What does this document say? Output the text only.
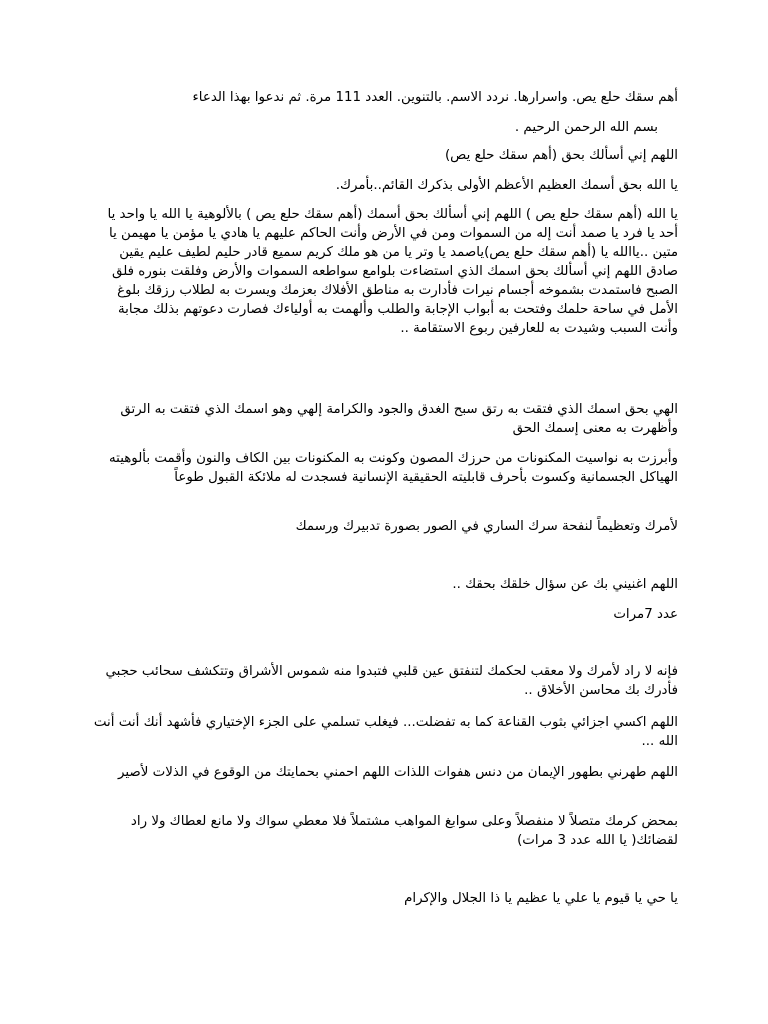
أهم سقك حلع يص. واسرارها. نردد الاسم. بالتنوين. العدد 111 مرة. ثم ندعوا بهذا الدعاء

بسم الله الرحمن الرحيم .

اللهم إني أسألك بحق (أهم سقك حلع يص)

يا الله بحق أسمك العظيم الأعظم الأولى بذكرك القائم..بأمرك.

يا الله (أهم سقك حلع يص ) اللهم إني أسألك بحق أسمك (أهم سقك حلع يص ) بالألوهية يا الله يا واحد يا أحد يا فرد يا صمد أنت إله من السموات ومن في الأرض وأنت الحاكم عليهم يا هادي يا مؤمن يا مهيمن يا متين ..ياالله يا (أهم سقك حلع يص)ياصمد يا وتر يا من هو ملك كريم سميع قادر حليم لطيف عليم يقين صادق اللهم إني أسألك بحق اسمك الذي استضاءت بلوامع سواطعه السموات والأرض وفلقت بنوره فلق الصبح فاستمدت بشموخه أجسام نيرات فأدارت به مناطق الأفلاك بعزمك ويسرت به لطلاب رزقك بلوغ الأمل في ساحة حلمك وفتحت به أبواب الإجابة والطلب وألهمت به أولياءك فصارت دعوتهم بذلك مجابة وأنت السبب وشيدت به للعارفين ربوع الاستقامة ..

الهي بحق اسمك الذي فتقت به رتق سبح الغدق والجود والكرامة إلهي وهو اسمك الذي فتقت به الرتق وأظهرت به معنى إسمك الحق

وأبرزت به نواسيت المكنونات من حرزك المصون وكونت به المكنونات بين الكاف والنون وأقمت بألوهيته الهياكل الجسمانية وكسوت بأحرف قابليته الحقيقية الإنسانية فسجدت له ملائكة القبول طوعاً

لأمرك وتعظيماً لنفحة سرك الساري في الصور بصورة تدبيرك ورسمك

اللهم اغنيني بك عن سؤال خلقك بحقك ..

عدد 7مرات

فإنه لا راد لأمرك ولا معقب لحكمك لتنفتق عين قلبي فتبدوا منه شموس الأشراق وتتكشف سحائب حجبي فأدرك بك محاسن الأخلاق ..

اللهم اكسي اجزائي بثوب القناعة كما به تفضلت... فيغلب تسلمي على الجزء الإختياري فأشهد أنك أنت أنت الله ...

اللهم طهرني بطهور الإيمان من دنس هفوات اللذات اللهم احمني بحمايتك من الوقوع في الذلات لأصير

بمحض كرمك متصلاً لا منفصلاً وعلى سوابغ المواهب مشتملاً فلا معطي سواك ولا مانع لعطاك ولا راد لقضائك( يا الله عدد 3 مرات)

يا حي يا قيوم يا علي يا عظيم يا ذا الجلال والإكرام
